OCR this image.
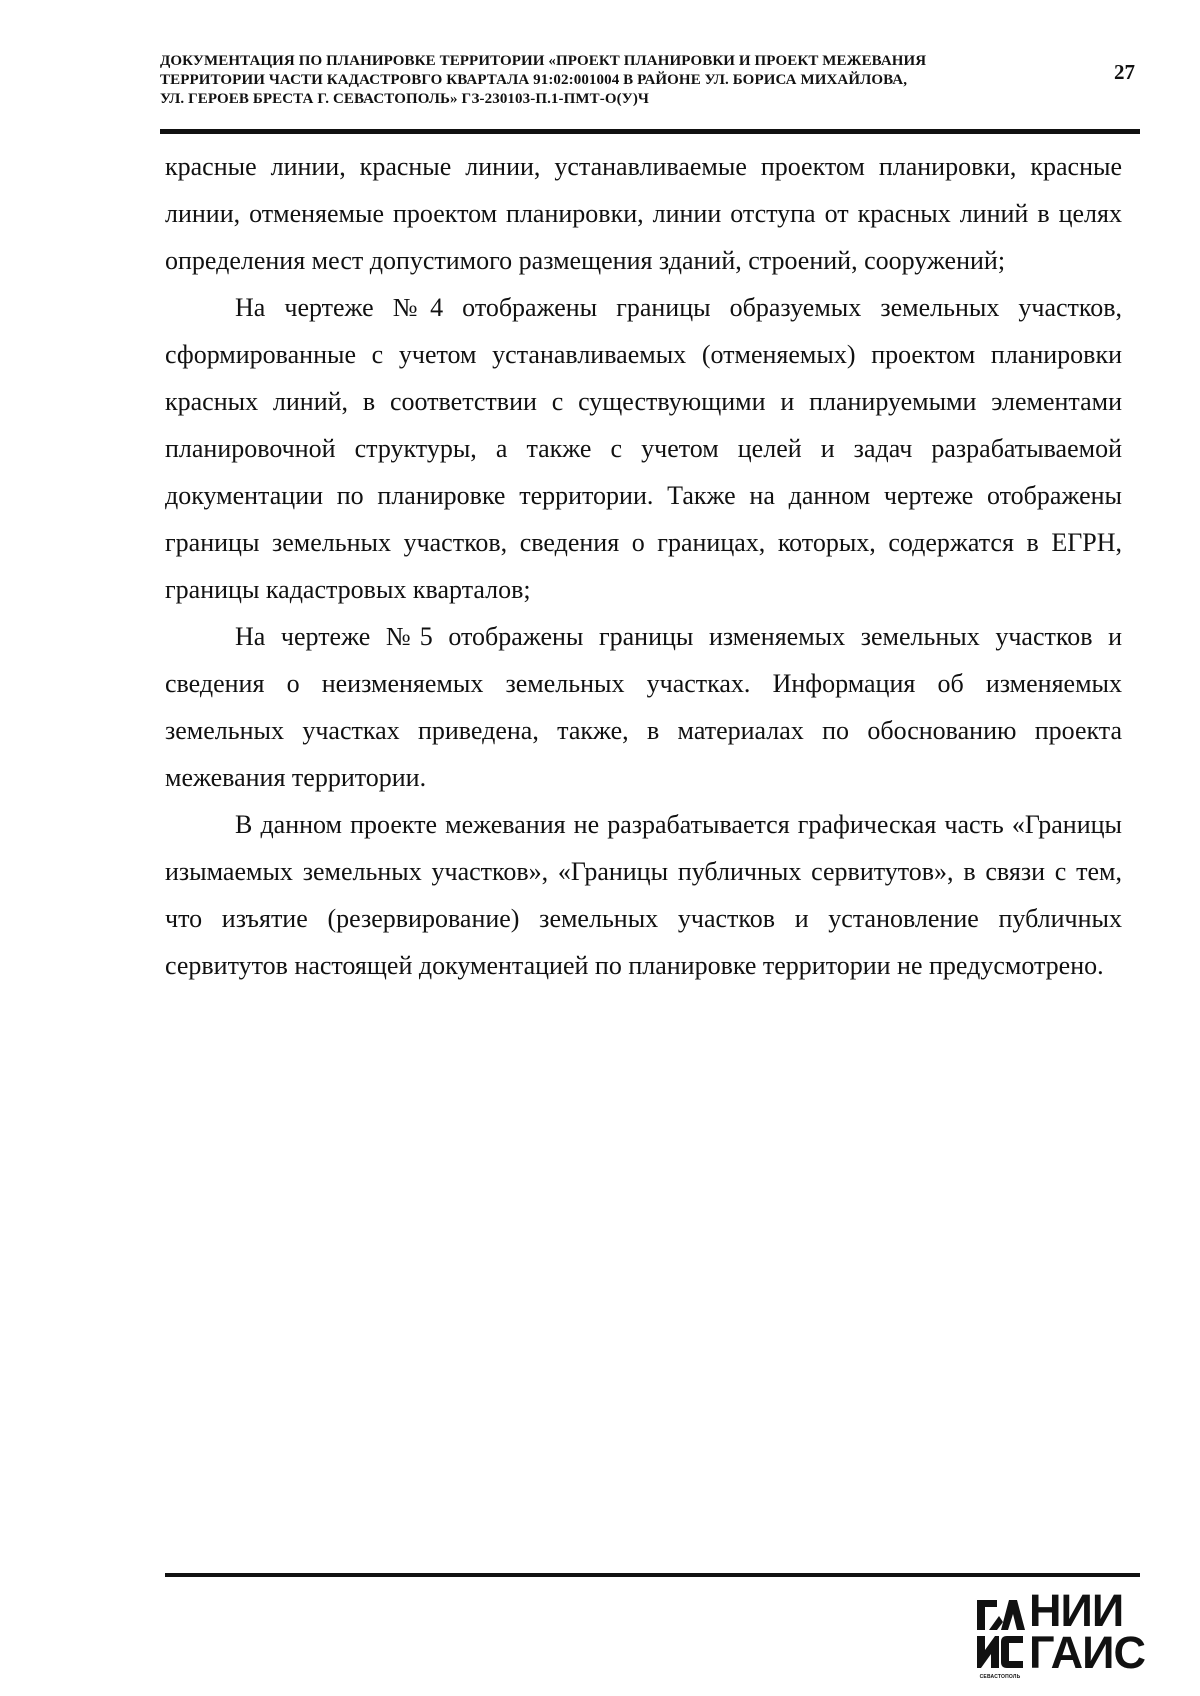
ДОКУМЕНТАЦИЯ ПО ПЛАНИРОВКЕ ТЕРРИТОРИИ «ПРОЕКТ ПЛАНИРОВКИ И ПРОЕКТ МЕЖЕВАНИЯ
ТЕРРИТОРИИ ЧАСТИ КАДАСТРОВГО КВАРТАЛА 91:02:001004 В РАЙОНЕ УЛ. БОРИСА МИХАЙЛОВА,
УЛ. ГЕРОЕВ БРЕСТА Г. СЕВАСТОПОЛЬ» ГЗ-230103-П.1-ПМТ-О(У)Ч
27

красные линии, красные линии, устанавливаемые проектом планировки, красные линии, отменяемые проектом планировки, линии отступа от красных линий в целях определения мест допустимого размещения зданий, строений, сооружений;

На чертеже №4 отображены границы образуемых земельных участков, сформированные с учетом устанавливаемых (отменяемых) проектом планировки красных линий, в соответствии с существующими и планируемыми элементами планировочной структуры, а также с учетом целей и задач разрабатываемой документации по планировке территории. Также на данном чертеже отображены границы земельных участков, сведения о границах, которых, содержатся в ЕГРН, границы кадастровых кварталов;

На чертеже №5 отображены границы изменяемых земельных участков и сведения о неизменяемых земельных участках. Информация об изменяемых земельных участках приведена, также, в материалах по обоснованию проекта межевания территории.

В данном проекте межевания не разрабатывается графическая часть «Границы изымаемых земельных участков», «Границы публичных сервитутов», в связи с тем, что изъятие (резервирование) земельных участков и установление публичных сервитутов настоящей документацией по планировке территории не предусмотрено.

СЕВАСТОПОЛЬ
НИИ
ГАИС
